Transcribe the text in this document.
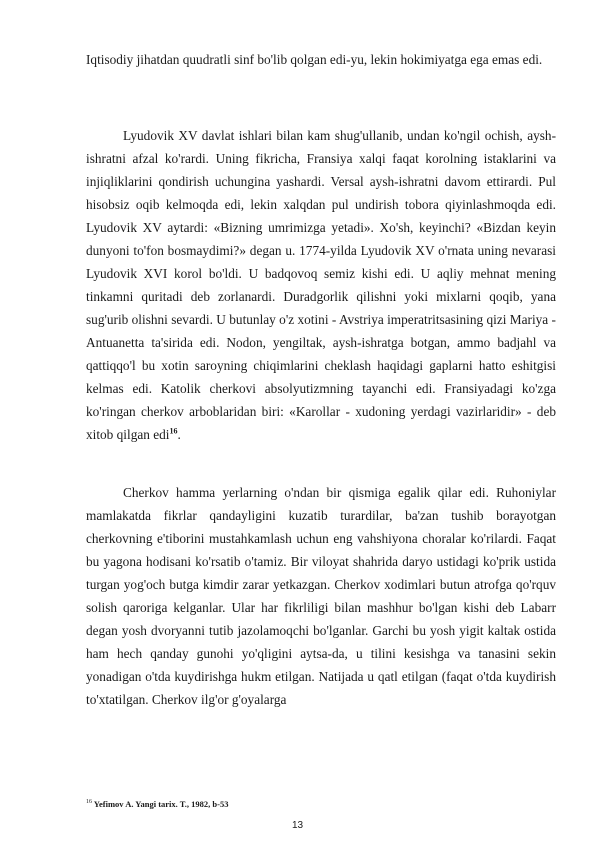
Iqtisodiy jihatdan quudratli sinf bo'lib qolgan edi-yu, lekin hokimiyatga ega emas edi.

Lyudovik XV davlat ishlari bilan kam shug'ullanib, undan ko'ngil ochish, aysh-ishratni afzal ko'rardi. Uning fikricha, Fransiya xalqi faqat korolning istaklarini va injiqliklarini qondirish uchungina yashardi. Versal aysh-ishratni davom ettirardi. Pul hisobsiz oqib kelmoqda edi, lekin xalqdan pul undirish tobora qiyinlashmoqda edi. Lyudovik XV aytardi: «Bizning umrimizga yetadi». Xo'sh, keyinchi? «Bizdan keyin dunyoni to'fon bosmaydimi?» degan u. 1774-yilda Lyudovik XV o'rnata uning nevarasi Lyudovik XVI korol bo'ldi. U badqovoq semiz kishi edi. U aqliy mehnat mening tinkamni quritadi deb zorlanardi. Duradgorlik qilishni yoki mixlarni qoqib, yana sug'urib olishni sevardi. U butunlay o'z xotini - Avstriya imperatritsasining qizi Mariya - Antuanetta ta'sirida edi. Nodon, yengiltak, aysh-ishratga botgan, ammo badjahl va qattiqqo'l bu xotin saroyning chiqimlarini cheklash haqidagi gaplarni hatto eshitgisi kelmas edi. Katolik cherkovi absolyutizmning tayanchi edi. Fransiyadagi ko'zga ko'ringan cherkov arboblaridan biri: «Karollar - xudoning yerdagi vazirlaridir» - deb xitob qilgan edi$^{16}$.

Cherkov hamma yerlarning o'ndan bir qismiga egalik qilar edi. Ruhoniylar mamlakatda fikrlar qandayligini kuzatib turardilar, ba'zan tushib borayotgan cherkovning e'tiborini mustahkamlash uchun eng vahshiyona choralar ko'rilardi. Faqat bu yagona hodisani ko'rsatib o'tamiz. Bir viloyat shahrida daryo ustidagi ko'prik ustida turgan yog'och butga kimdir zarar yetkazgan. Cherkov xodimlari butun atrofga qo'rquv solish qaroriga kelganlar. Ular har fikrliligi bilan mashhur bo'lgan kishi deb Labarr degan yosh dvoryanni tutib jazolamoqchi bo'lganlar. Garchi bu yosh yigit kaltak ostida ham hech qanday gunohi yo'qligini aytsa-da, u tilini kesishga va tanasini sekin yonadigan o'tda kuydirishga hukm etilgan. Natijada u qatl etilgan (faqat o'tda kuydirish to'xtatilgan. Cherkov ilg'or g'oyalarga

$^{16}$ Yefimov A. Yangi tarix. T., 1982, b-53
13
